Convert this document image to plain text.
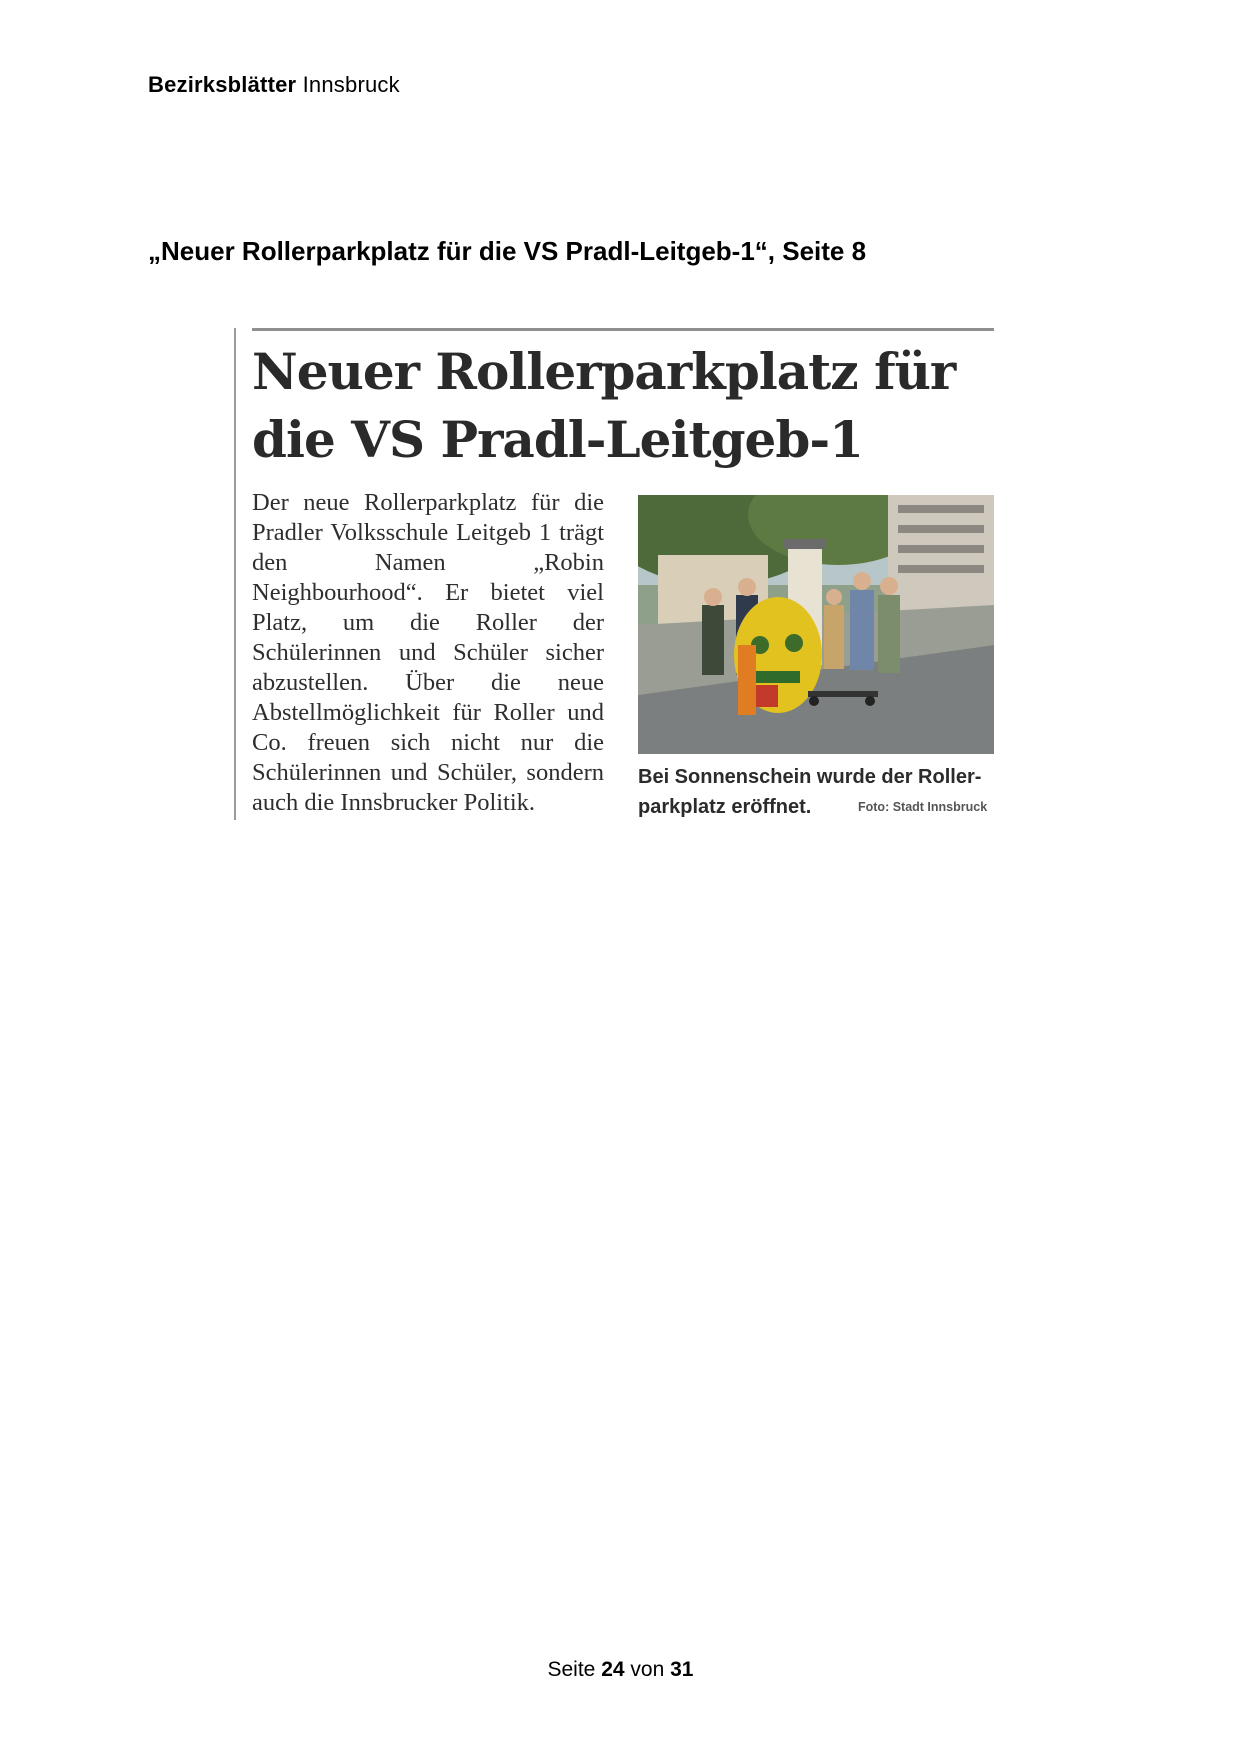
Bezirksblätter Innsbruck
„Neuer Rollerparkplatz für die VS Pradl-Leitgeb-1“, Seite 8
Neuer Rollerparkplatz für
die VS Pradl-Leitgeb-1
Der neue Rollerparkplatz für die Pradler Volksschule Leitgeb 1 trägt den Namen „Robin Neighbourhood“. Er bietet viel Platz, um die Roller der Schülerinnen und Schüler sicher abzustellen. Über die neue Abstellmöglichkeit für Roller und Co. freuen sich nicht nur die Schülerinnen und Schüler, sondern auch die Innsbrucker Politik.
Bei Sonnenschein wurde der Roller-
parkplatz eröffnet.	Foto: Stadt Innsbruck
Seite 24 von 31
